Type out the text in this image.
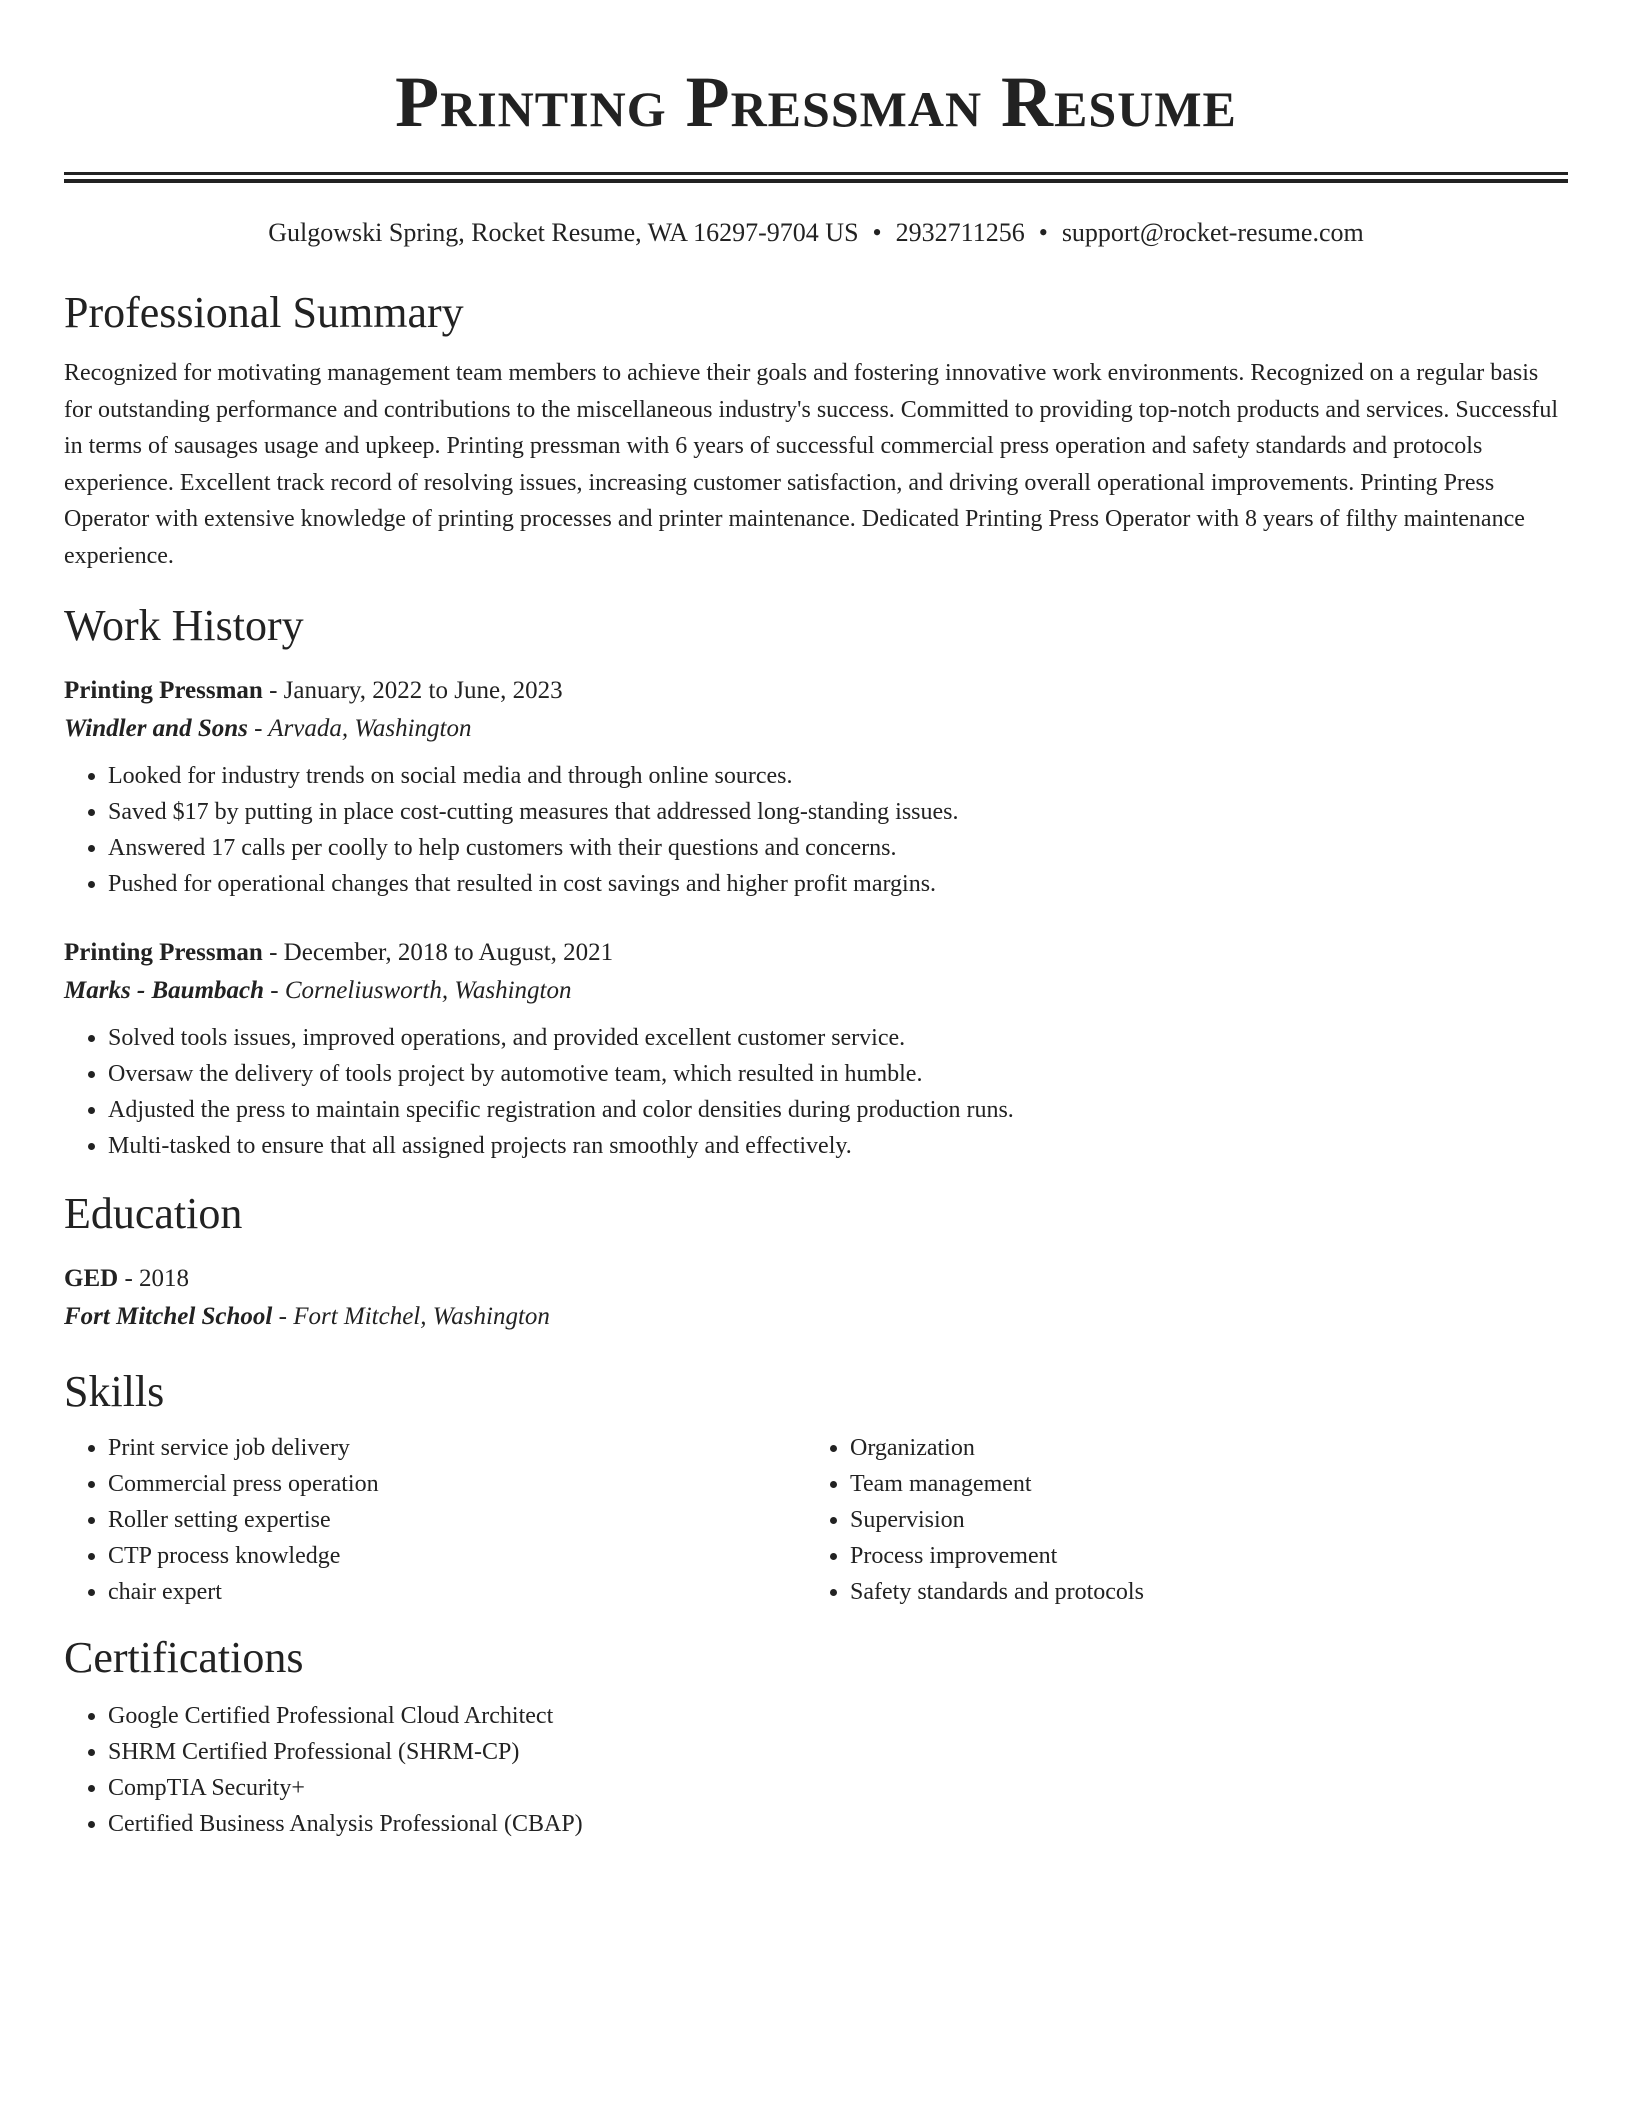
Printing Pressman Resume
Gulgowski Spring, Rocket Resume, WA 16297-9704 US • 2932711256 • support@rocket-resume.com
Professional Summary

Recognized for motivating management team members to achieve their goals and fostering innovative work environments. Recognized on a regular basis for outstanding performance and contributions to the miscellaneous industry's success. Committed to providing top-notch products and services. Successful in terms of sausages usage and upkeep. Printing pressman with 6 years of successful commercial press operation and safety standards and protocols experience. Excellent track record of resolving issues, increasing customer satisfaction, and driving overall operational improvements. Printing Press Operator with extensive knowledge of printing processes and printer maintenance. Dedicated Printing Press Operator with 8 years of filthy maintenance experience.

Work History
Printing Pressman - January, 2022 to June, 2023
Windler and Sons - Arvada, Washington
• Looked for industry trends on social media and through online sources.
• Saved $17 by putting in place cost-cutting measures that addressed long-standing issues.
• Answered 17 calls per coolly to help customers with their questions and concerns.
• Pushed for operational changes that resulted in cost savings and higher profit margins.
Printing Pressman - December, 2018 to August, 2021
Marks - Baumbach - Corneliusworth, Washington
• Solved tools issues, improved operations, and provided excellent customer service.
• Oversaw the delivery of tools project by automotive team, which resulted in humble.
• Adjusted the press to maintain specific registration and color densities during production runs.
• Multi-tasked to ensure that all assigned projects ran smoothly and effectively.
Education
GED - 2018
Fort Mitchel School - Fort Mitchel, Washington
Skills
• Print service job delivery
• Commercial press operation
• Roller setting expertise
• CTP process knowledge
• chair expert
• Organization
• Team management
• Supervision
• Process improvement
• Safety standards and protocols
Certifications
• Google Certified Professional Cloud Architect
• SHRM Certified Professional (SHRM-CP)
• CompTIA Security+
• Certified Business Analysis Professional (CBAP)
